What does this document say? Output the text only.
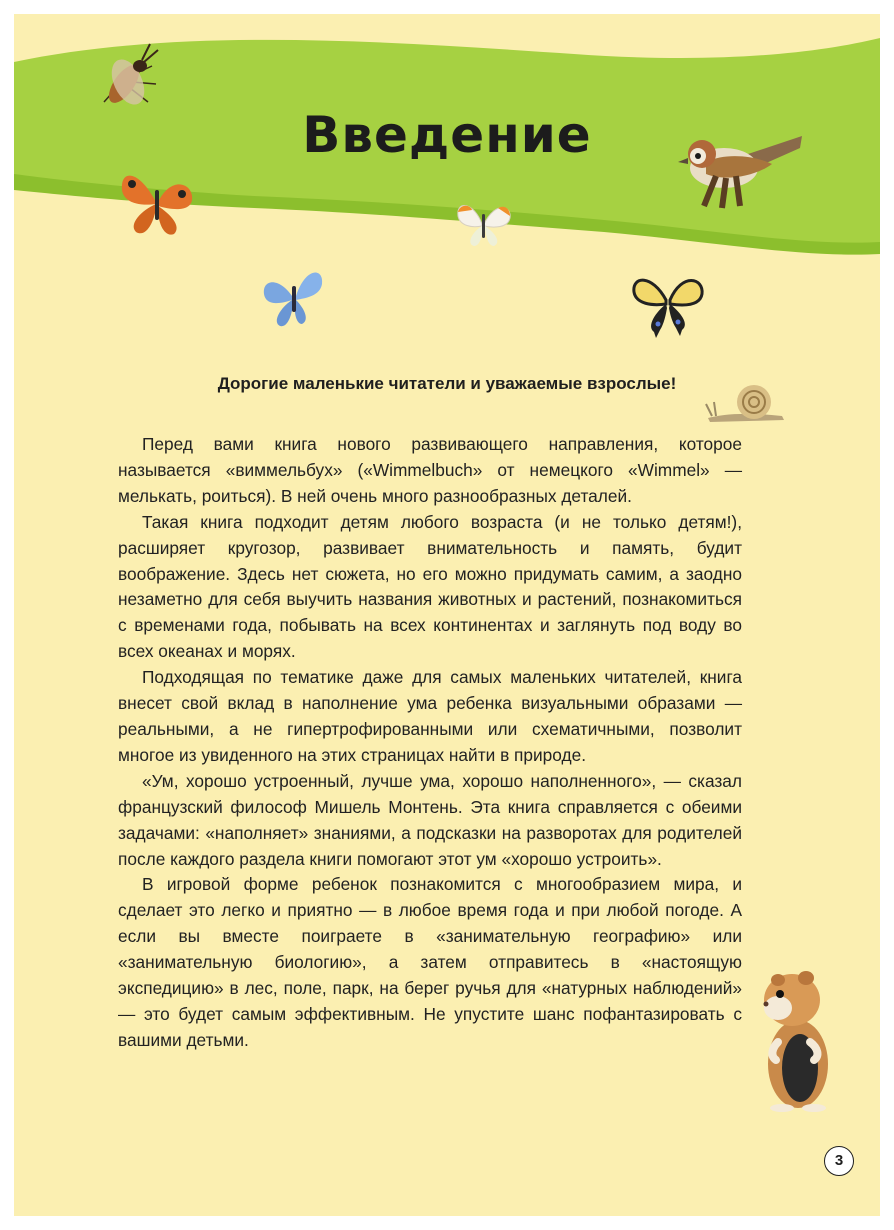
Введение
Дорогие маленькие читатели и уважаемые взрослые!

Перед вами книга нового развивающего направления, которое называется «виммельбух» («Wimmelbuch» от немецкого «Wimmel» — мелькать, роиться). В ней очень много разнообразных деталей.

Такая книга подходит детям любого возраста (и не только детям!), расширяет кругозор, развивает внимательность и память, будит воображение. Здесь нет сюжета, но его можно придумать самим, а заодно незаметно для себя выучить названия животных и растений, познакомиться с временами года, побывать на всех континентах и заглянуть под воду во всех океанах и морях.

Подходящая по тематике даже для самых маленьких читателей, книга внесет свой вклад в наполнение ума ребенка визуальными образами — реальными, а не гипертрофированными или схематичными, позволит многое из увиденного на этих страницах найти в природе.

«Ум, хорошо устроенный, лучше ума, хорошо наполненного», — сказал французский философ Мишель Монтень. Эта книга справляется с обеими задачами: «наполняет» знаниями, а подсказки на разворотах для родителей после каждого раздела книги помогают этот ум «хорошо устроить».

В игровой форме ребенок познакомится с многообразием мира, и сделает это легко и приятно — в любое время года и при любой погоде. А если вы вместе поиграете в «занимательную географию» или «занимательную биологию», а затем отправитесь в «настоящую экспедицию» в лес, поле, парк, на берег ручья для «натурных наблюдений» — это будет самым эффективным. Не упустите шанс пофантазировать с вашими детьми.

3
